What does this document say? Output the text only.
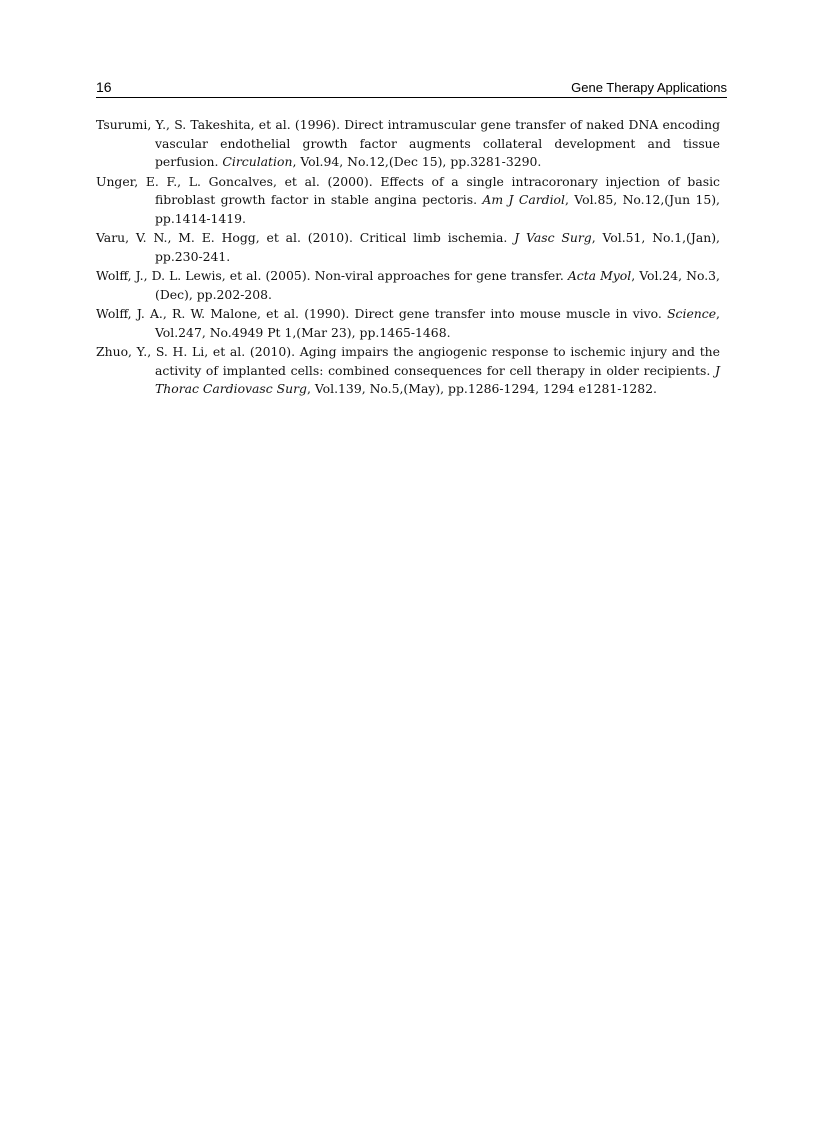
16	Gene Therapy Applications
Tsurumi, Y., S. Takeshita, et al. (1996). Direct intramuscular gene transfer of naked DNA encoding vascular endothelial growth factor augments collateral development and tissue perfusion. Circulation, Vol.94, No.12,(Dec 15), pp.3281-3290.
Unger, E. F., L. Goncalves, et al. (2000). Effects of a single intracoronary injection of basic fibroblast growth factor in stable angina pectoris. Am J Cardiol, Vol.85, No.12,(Jun 15), pp.1414-1419.
Varu, V. N., M. E. Hogg, et al. (2010). Critical limb ischemia. J Vasc Surg, Vol.51, No.1,(Jan), pp.230-241.
Wolff, J., D. L. Lewis, et al. (2005). Non-viral approaches for gene transfer. Acta Myol, Vol.24, No.3,(Dec), pp.202-208.
Wolff, J. A., R. W. Malone, et al. (1990). Direct gene transfer into mouse muscle in vivo. Science, Vol.247, No.4949 Pt 1,(Mar 23), pp.1465-1468.
Zhuo, Y., S. H. Li, et al. (2010). Aging impairs the angiogenic response to ischemic injury and the activity of implanted cells: combined consequences for cell therapy in older recipients. J Thorac Cardiovasc Surg, Vol.139, No.5,(May), pp.1286-1294, 1294 e1281-1282.
